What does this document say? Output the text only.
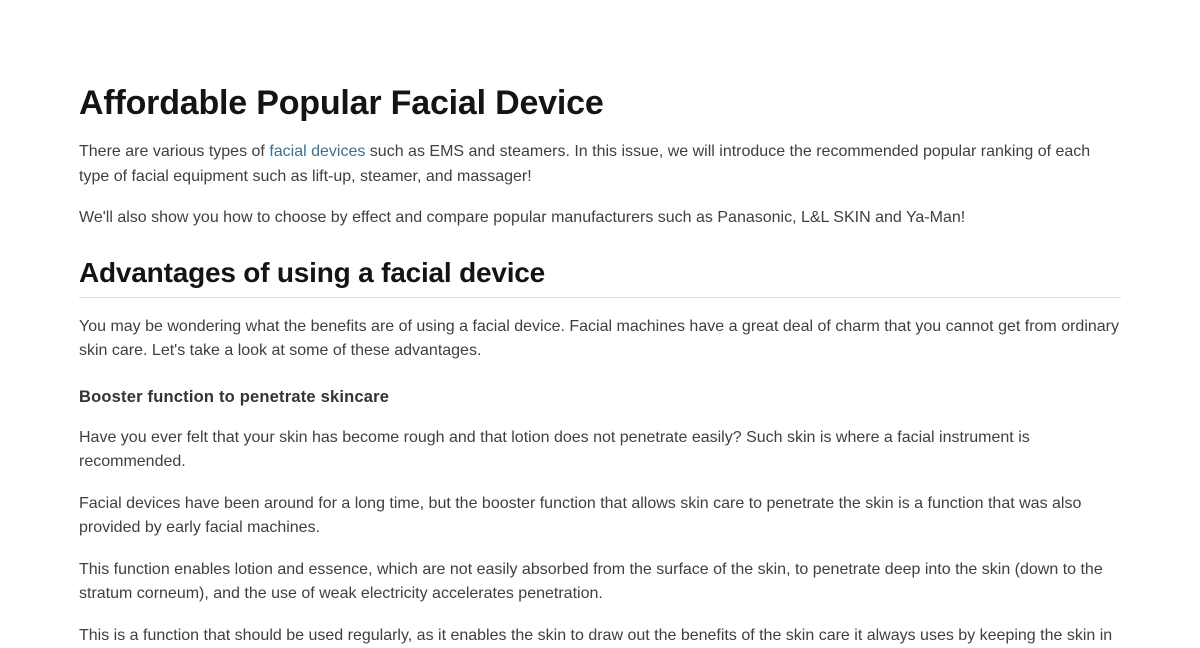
Affordable Popular Facial Device

There are various types of facial devices such as EMS and steamers. In this issue, we will introduce the recommended popular ranking of each type of facial equipment such as lift-up, steamer, and massager!

We'll also show you how to choose by effect and compare popular manufacturers such as Panasonic, L&L SKIN and Ya-Man!

Advantages of using a facial device

You may be wondering what the benefits are of using a facial device. Facial machines have a great deal of charm that you cannot get from ordinary skin care. Let's take a look at some of these advantages.

Booster function to penetrate skincare

Have you ever felt that your skin has become rough and that lotion does not penetrate easily? Such skin is where a facial instrument is recommended.

Facial devices have been around for a long time, but the booster function that allows skin care to penetrate the skin is a function that was also provided by early facial machines.

This function enables lotion and essence, which are not easily absorbed from the surface of the skin, to penetrate deep into the skin (down to the stratum corneum), and the use of weak electricity accelerates penetration.

This is a function that should be used regularly, as it enables the skin to draw out the benefits of the skin care it always uses by keeping the skin in
